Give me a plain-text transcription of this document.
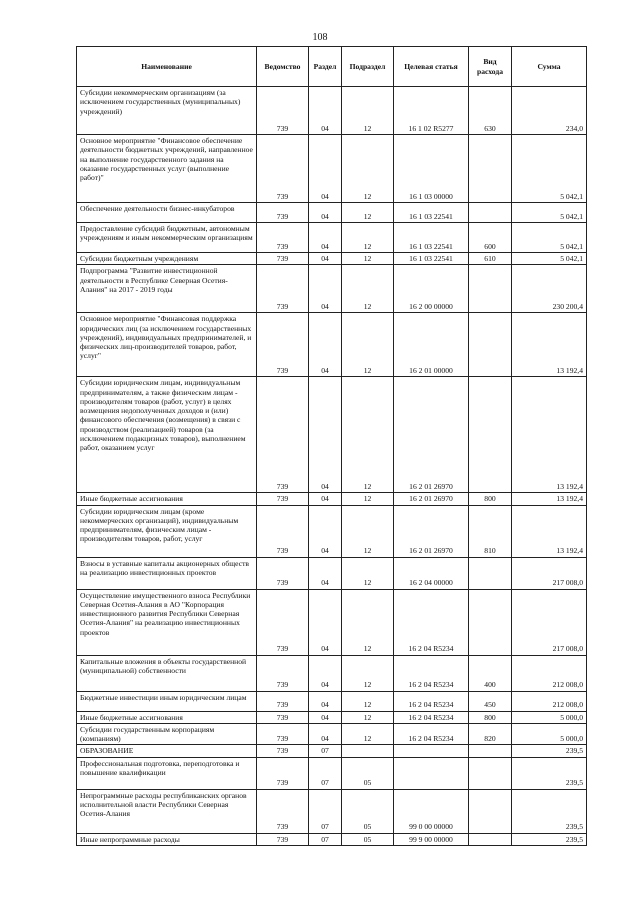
108
Наименование	Ведомство	Раздел	Подраздел	Целевая статья	Вид расхода	Сумма
Субсидии некоммерческим организациям (за исключением государственных (муниципальных) учреждений)	739	04	12	16 1 02 R5277	630	234,0
Основное мероприятие "Финансовое обеспечение деятельности бюджетных учреждений, направленное на выполнение государственного задания на оказание государственных услуг (выполнение работ)"	739	04	12	16 1 03 00000		5 042,1
Обеспечение деятельности бизнес-инкубаторов	739	04	12	16 1 03 22541		5 042,1
Предоставление субсидий бюджетным, автономным учреждениям и иным некоммерческим организациям	739	04	12	16 1 03 22541	600	5 042,1
Субсидии бюджетным учреждениям	739	04	12	16 1 03 22541	610	5 042,1
Подпрограмма "Развитие инвестиционной деятельности в Республике Северная Осетия-Алания" на 2017 - 2019 годы	739	04	12	16 2 00 00000		230 200,4
Основное мероприятие "Финансовая поддержка юридических лиц (за исключением государственных учреждений), индивидуальных предпринимателей, и физических лиц-производителей товаров, работ, услуг"	739	04	12	16 2 01 00000		13 192,4
Субсидии юридическим лицам, индивидуальным предпринимателям, а также физическим лицам - производителям товаров (работ, услуг) в целях возмещения недополученных доходов и (или) финансового обеспечения (возмещения) в связи с производством (реализацией) товаров (за исключением подакцизных товаров), выполнением работ, оказанием услуг	739	04	12	16 2 01 26970		13 192,4
Иные бюджетные ассигнования	739	04	12	16 2 01 26970	800	13 192,4
Субсидии юридическим лицам (кроме некоммерческих организаций), индивидуальным предпринимателям, физическим лицам - производителям товаров, работ, услуг	739	04	12	16 2 01 26970	810	13 192,4
Взносы в уставные капиталы акционерных обществ на реализацию инвестиционных проектов	739	04	12	16 2 04 00000		217 008,0
Осуществление имущественного взноса Республики Северная Осетия-Алания в АО "Корпорация инвестиционного развития Республики Северная Осетия-Алания" на реализацию инвестиционных проектов	739	04	12	16 2 04 R5234		217 008,0
Капитальные вложения в объекты государственной (муниципальной) собственности	739	04	12	16 2 04 R5234	400	212 008,0
Бюджетные инвестиции иным юридическим лицам	739	04	12	16 2 04 R5234	450	212 008,0
Иные бюджетные ассигнования	739	04	12	16 2 04 R5234	800	5 000,0
Субсидии государственным корпорациям (компаниям)	739	04	12	16 2 04 R5234	820	5 000,0
ОБРАЗОВАНИЕ	739	07				239,5
Профессиональная подготовка, переподготовка и повышение квалификации	739	07	05			239,5
Непрограммные расходы республиканских органов исполнительной власти Республики Северная Осетия-Алания	739	07	05	99 0 00 00000		239,5
Иные непрограммные расходы	739	07	05	99 9 00 00000		239,5
